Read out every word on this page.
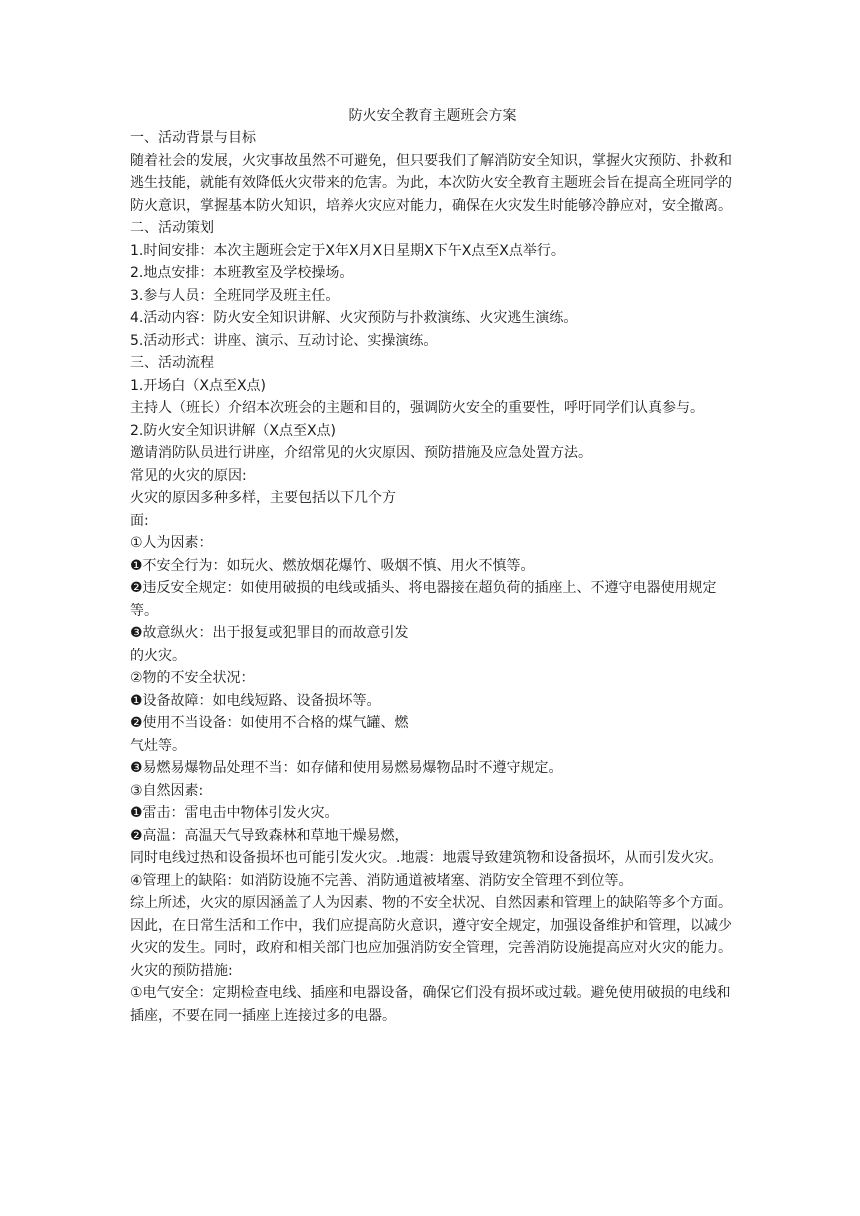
防火安全教育主题班会方案

一、活动背景与目标

随着社会的发展，火灾事故虽然不可避免，但只要我们了解消防安全知识，掌握火灾预防、扑救和逃生技能，就能有效降低火灾带来的危害。为此，本次防火安全教育主题班会旨在提高全班同学的防火意识，掌握基本防火知识，培养火灾应对能力，确保在火灾发生时能够冷静应对，安全撤离。

二、活动策划

1.时间安排：本次主题班会定于X年X月X日星期X下午X点至X点举行。

2.地点安排：本班教室及学校操场。

3.参与人员：全班同学及班主任。

4.活动内容：防火安全知识讲解、火灾预防与扑救演练、火灾逃生演练。

5.活动形式：讲座、演示、互动讨论、实操演练。

三、活动流程

1.开场白（X点至X点)

主持人（班长）介绍本次班会的主题和目的，强调防火安全的重要性，呼吁同学们认真参与。

2.防火安全知识讲解（X点至X点)

邀请消防队员进行讲座，介绍常见的火灾原因、预防措施及应急处置方法。

常见的火灾的原因:

火灾的原因多种多样，主要包括以下几个方

面:

①人为因素：

❶不安全行为：如玩火、燃放烟花爆竹、吸烟不慎、用火不慎等。

❷违反安全规定：如使用破损的电线或插头、将电器接在超负荷的插座上、不遵守电器使用规定等。

❸故意纵火：出于报复或犯罪目的而故意引发

的火灾。

②物的不安全状况：

❶设备故障：如电线短路、设备损坏等。

❷使用不当设备：如使用不合格的煤气罐、燃

气灶等。

❸易燃易爆物品处理不当：如存储和使用易燃易爆物品时不遵守规定。

③自然因素:

❶雷击：雷电击中物体引发火灾。

❷高温：高温天气导致森林和草地干燥易燃，

同时电线过热和设备损坏也可能引发火灾。.地震：地震导致建筑物和设备损坏，从而引发火灾。

④管理上的缺陷：如消防设施不完善、消防通道被堵塞、消防安全管理不到位等。

综上所述，火灾的原因涵盖了人为因素、物的不安全状况、自然因素和管理上的缺陷等多个方面。因此，在日常生活和工作中，我们应提高防火意识，遵守安全规定，加强设备维护和管理，以减少火灾的发生。同时，政府和相关部门也应加强消防安全管理，完善消防设施提高应对火灾的能力。

火灾的预防措施:

①电气安全：定期检查电线、插座和电器设备，确保它们没有损坏或过载。避免使用破损的电线和插座，不要在同一插座上连接过多的电器。
